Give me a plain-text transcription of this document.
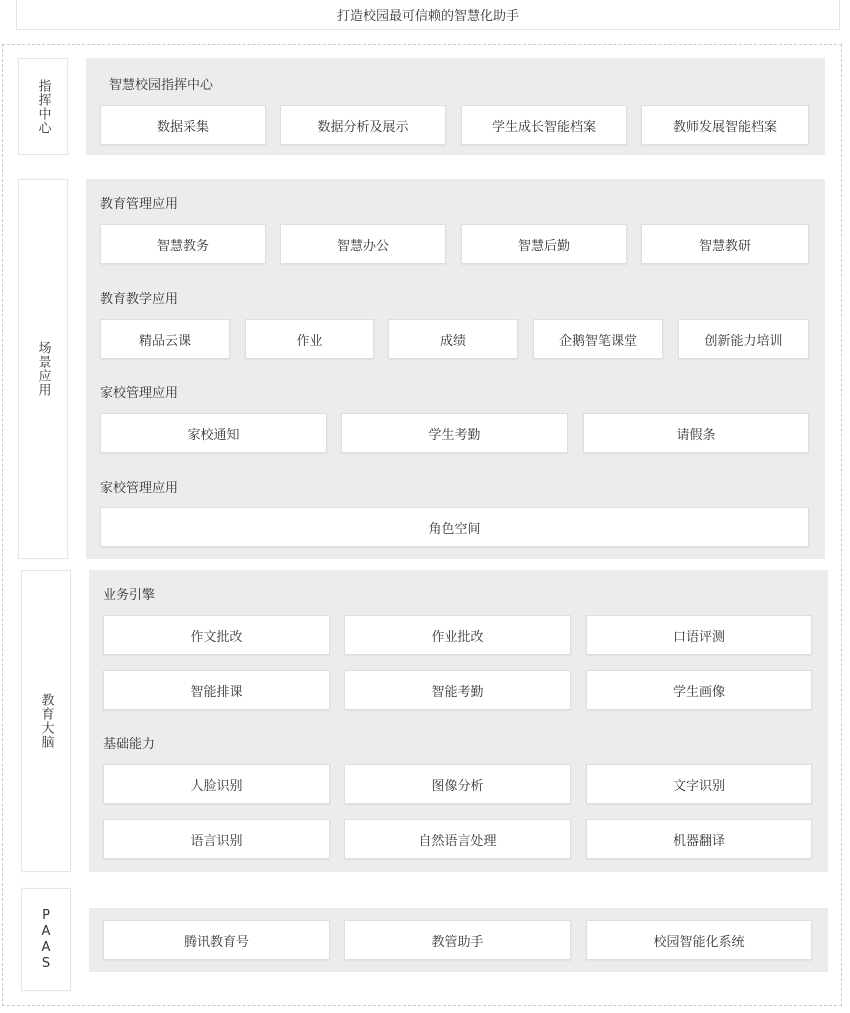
打造校园最可信赖的智慧化助手
指挥中心	智慧校园指挥中心
数据采集	数据分析及展示	学生成长智能档案	教师发展智能档案
场景应用
教育管理应用
智慧教务	智慧办公	智慧后勤	智慧教研
教育教学应用
精品云课	作业	成绩	企鹅智笔课堂	创新能力培训
家校管理应用
家校通知	学生考勤	请假条
家校管理应用
角色空间
教育大脑
业务引擎
作文批改	作业批改	口语评测
智能排课	智能考勤	学生画像
基础能力
人脸识别	图像分析	文字识别
语言识别	自然语言处理	机器翻译
PAAS	腾讯教育号	教管助手	校园智能化系统
